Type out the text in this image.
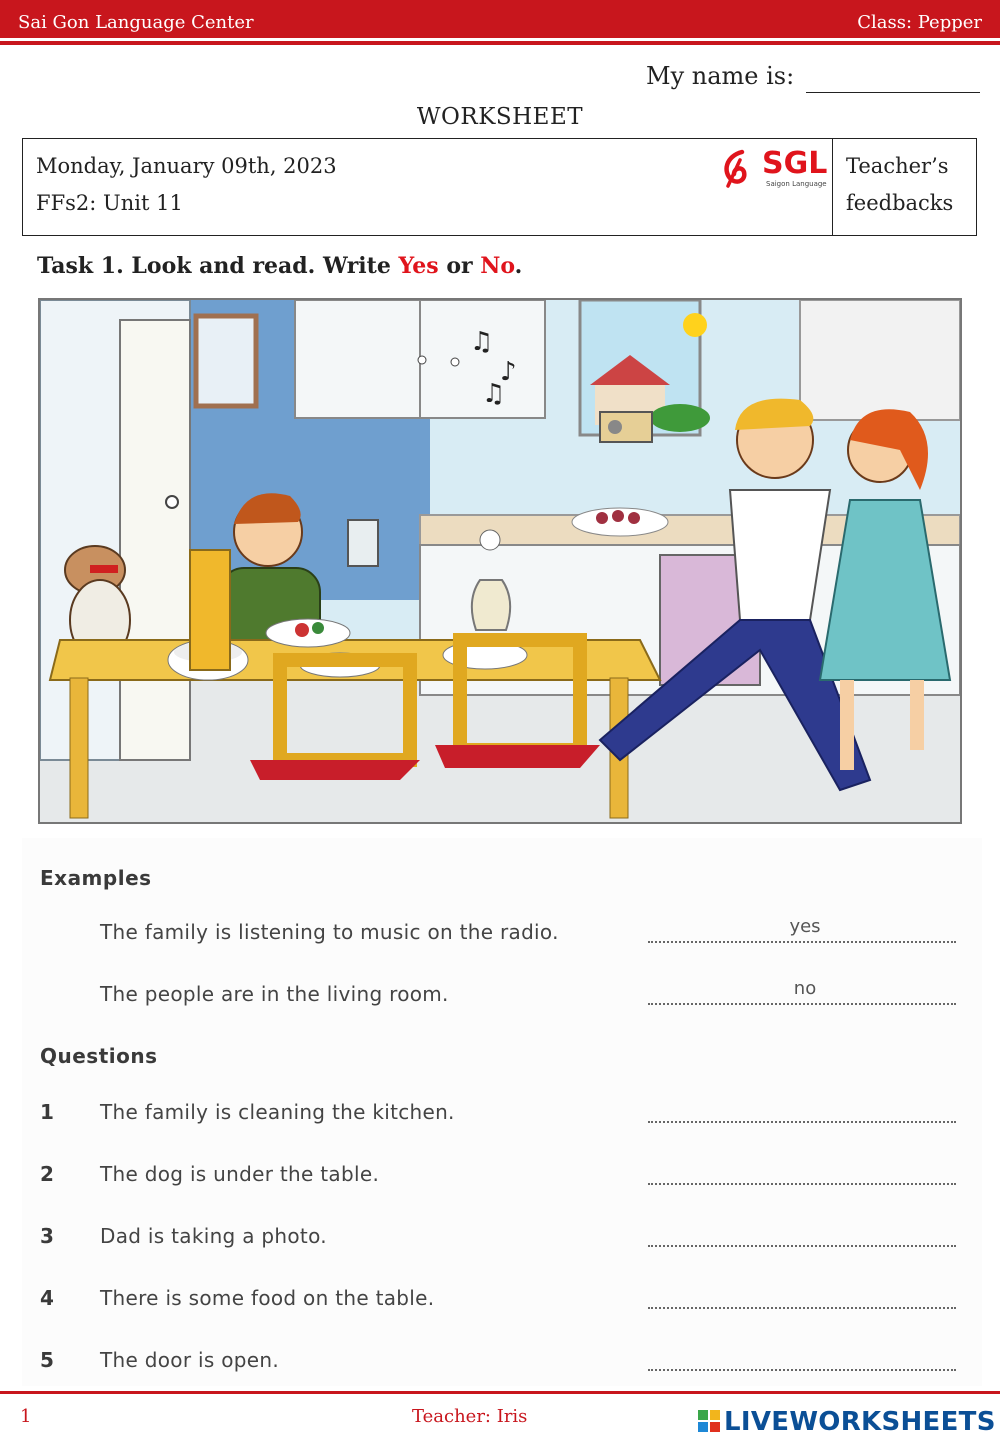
Sai Gon Language Center	Class: Pepper
My name is:
WORKSHEET
Monday, January 09th, 2023
FFs2: Unit 11
SGL
Saigon Language
Teacher’s
feedbacks
Task 1. Look and read. Write Yes or No.
♫
♪
♫
Examples
The family is listening to music on the radio.	yes
The people are in the living room.	no
Questions
1 The family is cleaning the kitchen.
2 The dog is under the table.
3 Dad is taking a photo.
4 There is some food on the table.
5 The door is open.
1	Teacher: Iris	LIVEWORKSHEETS
